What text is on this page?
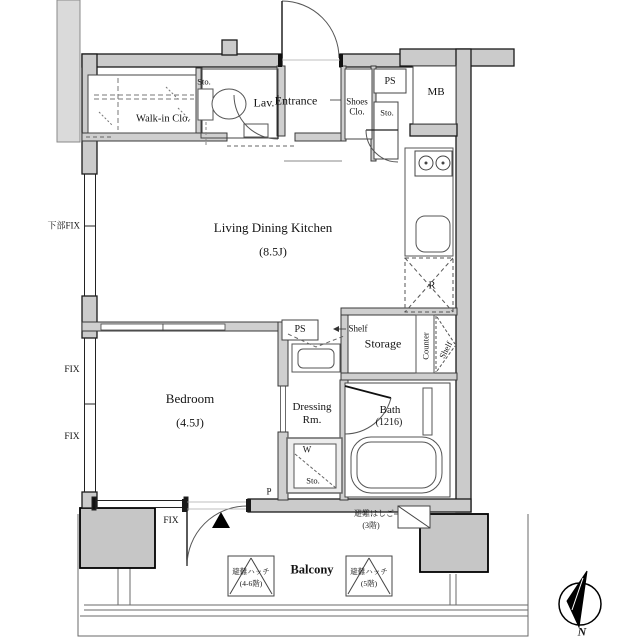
Walk-in Clo.
Sto.
Lav. Entrance	Shoes
Clo.
PS
Sto.
MB
Living Dining Kitchen
(8.5J)
R
下部FIX
FIX
FIX
PS	Shelf
Storage Counter Shelf
Bedroom
(4.5J)
Dressing
Rm.
Bath
(1216)
W
Sto.
P
FIX
避難はしご
(3階)
Balcony
避難ハッチ
(4-6階)
避難ハッチ
(5階)
N
